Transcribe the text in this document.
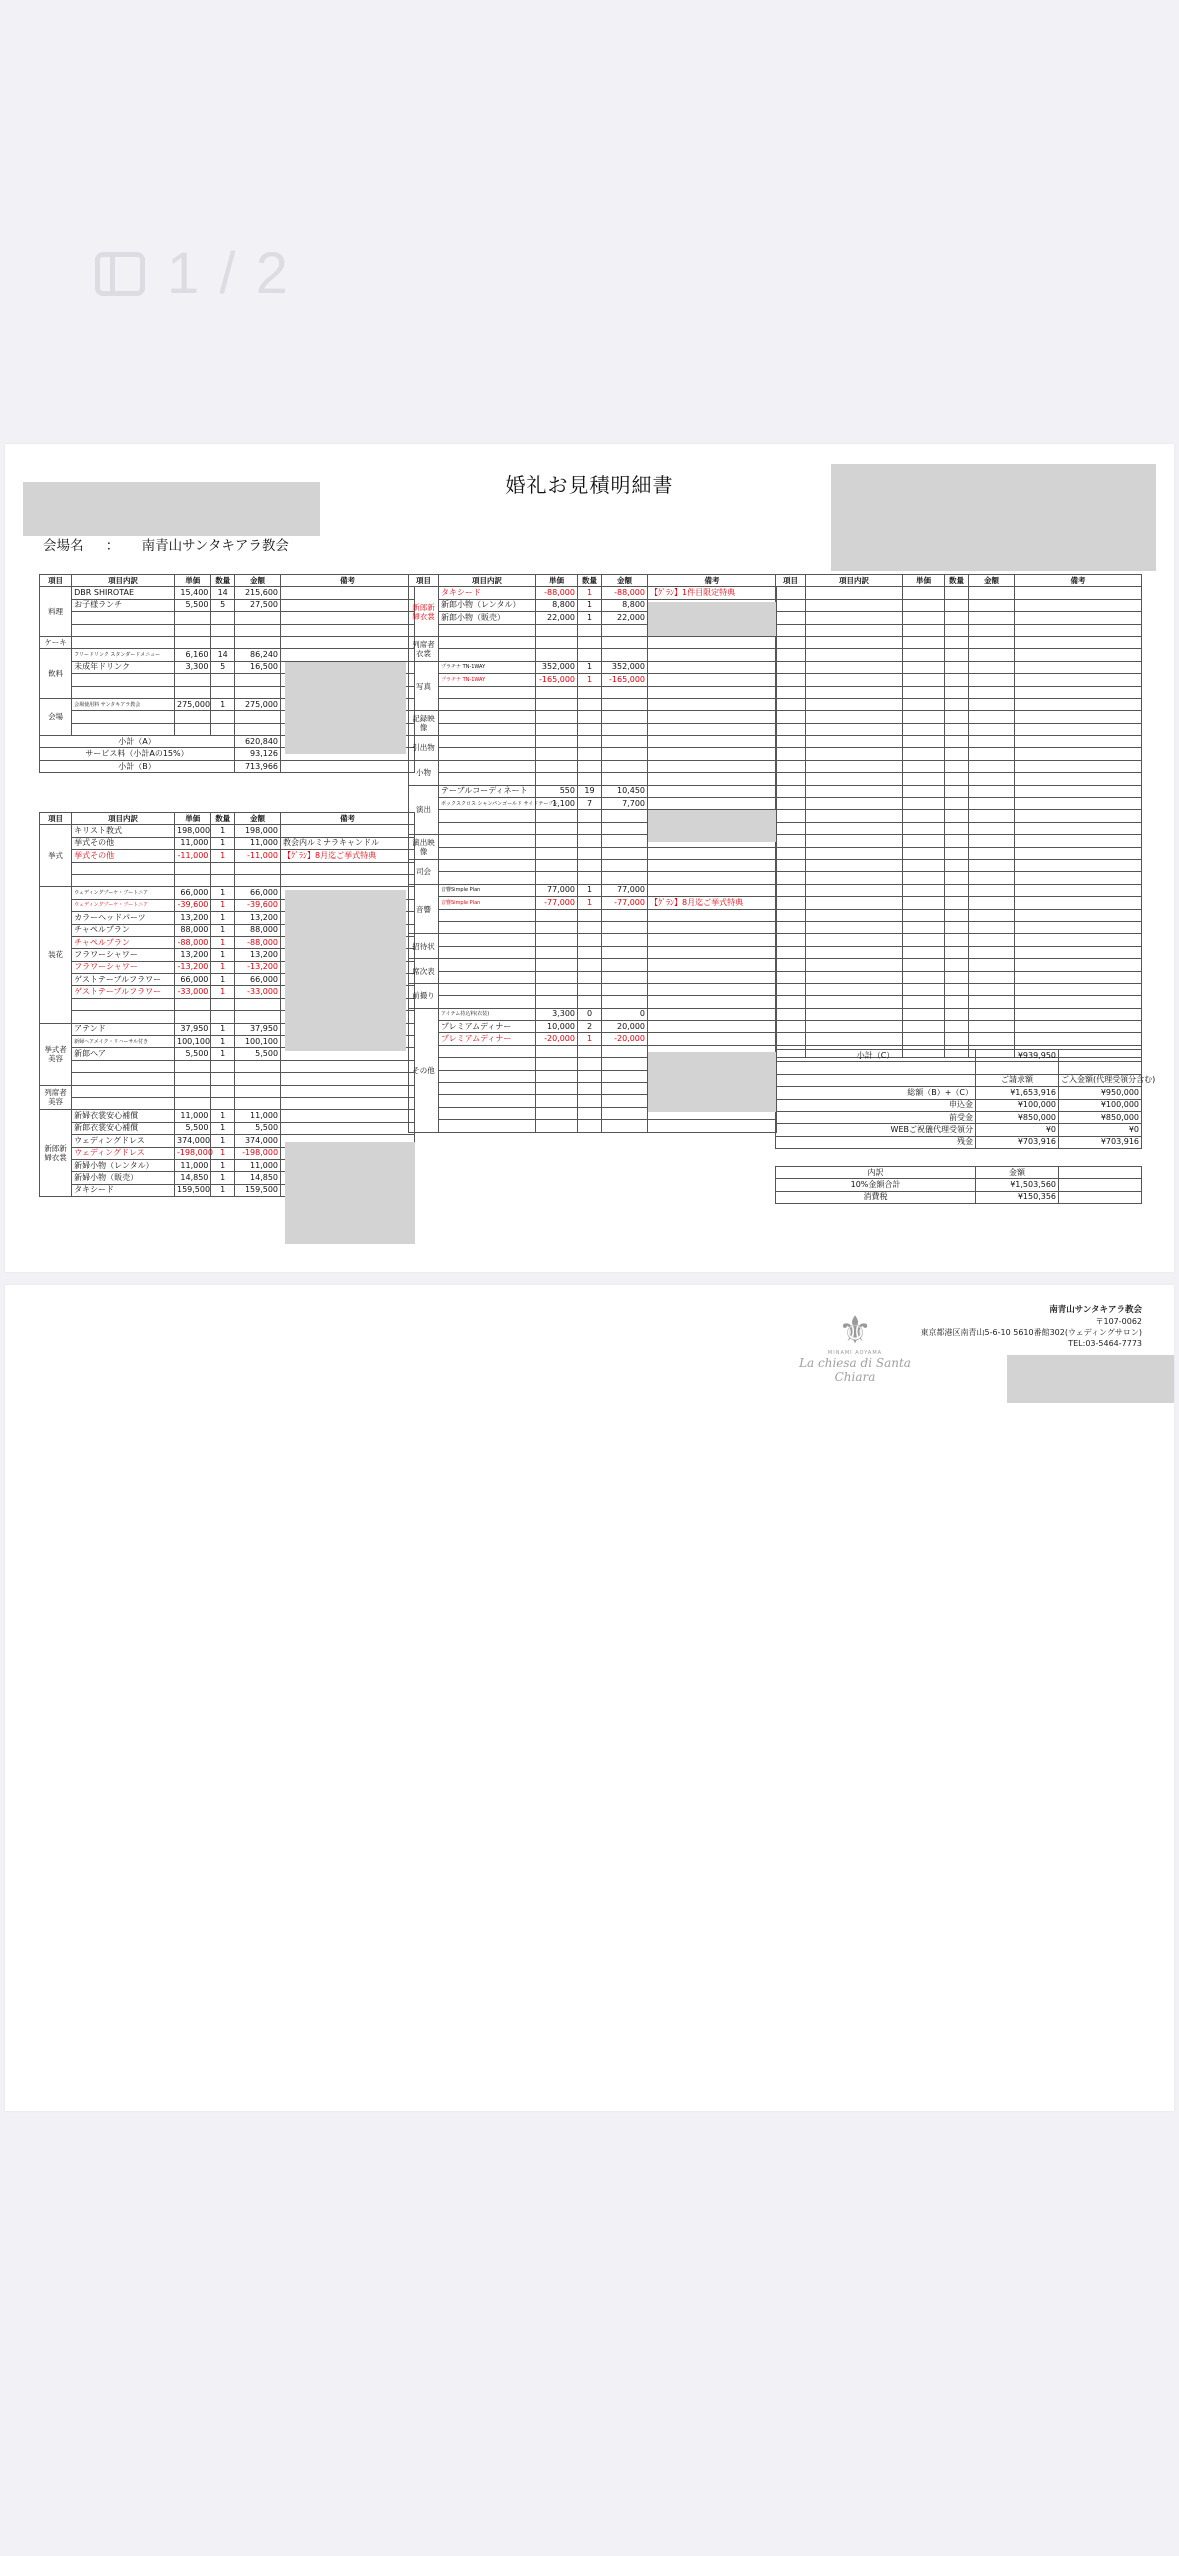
1 / 2
婚礼お見積明細書
会場名 ： 南青山サンタキアラ教会
項目	項目内訳	単価	数量	金額	備考
料理	DBR SHIROTAE	15,400	14	215,600	
	お子様ランチ	5,500	5	27,500	

ケーキ					
飲料	フリードリンク スタンダードメニュー	6,160	14	86,240	
	未成年ドリンク	3,300	5	16,500	

会場	会場使用料 サンタキアラ教会	275,000	1	275,000	

小計（A）				620,840	
サービス料（小計Aの15%）				93,126	
小計（B）				713,966	
項目	項目内訳	単価	数量	金額	備考
挙式	キリスト教式	198,000	1	198,000	
	挙式その他	11,000	1	11,000	教会内ルミナラキャンドル
	挙式その他	-11,000	1	-11,000	【ｸﾞﾗﾝ】8月迄ご挙式特典

装花	ウェディングブーケ・ブートニア	66,000	1	66,000	
	ウェディングブーケ・ブートニア	-39,600	1	-39,600	
	カラーヘッドパーツ	13,200	1	13,200	
	チャペルプラン	88,000	1	88,000	
	チャペルプラン	-88,000	1	-88,000	
	フラワーシャワー	13,200	1	13,200	
	フラワーシャワー	-13,200	1	-13,200	
	ゲストテーブルフラワー	66,000	1	66,000	
	ゲストテーブルフラワー	-33,000	1	-33,000	

挙式者美容	アテンド	37,950	1	37,950	
	新婦ヘアメイク・リハーサル付き	100,100	1	100,100	
	新郎ヘア	5,500	1	5,500	

列席者美容					

新郎新婦衣裳	新婦衣裳安心補償	11,000	1	11,000	
	新郎衣裳安心補償	5,500	1	5,500	
	ウェディングドレス	374,000	1	374,000	
	ウェディングドレス	-198,000	1	-198,000	
	新婦小物（レンタル）	11,000	1	11,000	
	新婦小物（販売）	14,850	1	14,850	
	タキシード	159,500	1	159,500	
項目	項目内訳	単価	数量	金額	備考
新郎新婦衣裳	タキシード	-88,000	1	-88,000	【ｸﾞﾗﾝ】1件目限定特典
	新郎小物（レンタル）	8,800	1	8,800	
	新郎小物（販売）	22,000	1	22,000	

列席者衣裳					

写真	プラチナ TN-1WAY	352,000	1	352,000	
	プラチナ TN-1WAY	-165,000	1	-165,000	

記録映像					

引出物					

小物					

演出	テーブルコーディネート	550	19	10,450	
	ボックスクロス シャンパンゴールド サイドテーブル	1,100	7	7,700	

演出映像					

司会					

音響	音響Simple Plan	77,000	1	77,000	
	音響Simple Plan	-77,000	1	-77,000	【ｸﾞﾗﾝ】8月迄ご挙式特典

招待状					

席次表					

前撮り					

その他	アイテム持込料(衣装)	3,300	0	0	
	プレミアムディナー	10,000	2	20,000	
	プレミアムディナー	-20,000	1	-20,000	

項目	項目内訳	単価	数量	金額	備考

小計（C）	¥939,950	

	ご請求額	ご入金額(代理受領分含む)
総額（B）+（C）	¥1,653,916	¥950,000
申込金	¥100,000	¥100,000
前受金	¥850,000	¥850,000
WEBご祝儀代理受領分	¥0	¥0
残金	¥703,916	¥703,916
内訳	金額	
10%金額合計	¥1,503,560	
消費税	¥150,356	
⚜
MINAMI AOYAMA
La chiesa di Santa Chiara
南青山サンタキアラ教会
〒107-0062
東京都港区南青山5-6-10 5610番館302(ウェディングサロン)
TEL:03-5464-7773
